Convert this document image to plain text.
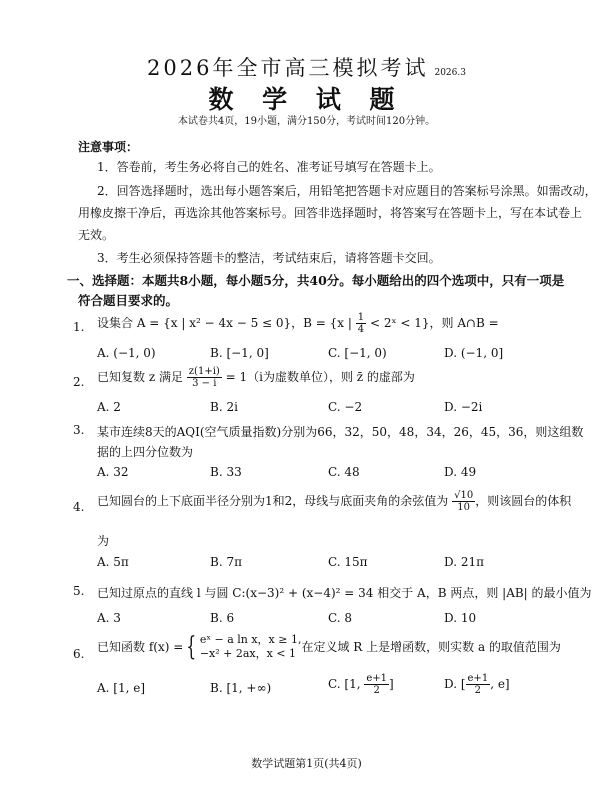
2026年全市高三模拟考试 2026.3
数 学 试 题
本试卷共4页，19小题，满分150分，考试时间120分钟。
注意事项：
1．答卷前，考生务必将自己的姓名、准考证号填写在答题卡上。
2．回答选择题时，选出每小题答案后，用铅笔把答题卡对应题目的答案标号涂黑。如需改动，
用橡皮擦干净后，再选涂其他答案标号。回答非选择题时，将答案写在答题卡上，写在本试卷上
无效。
3．考生必须保持答题卡的整洁，考试结束后，请将答题卡交回。
一、选择题：本题共8小题，每小题5分，共40分。每小题给出的四个选项中，只有一项是
符合题目要求的。
1. 设集合 A = {x | x² − 4x − 5 ≤ 0}，B = {x | $\frac{1}{4}$ < 2ˣ < 1}，则 A∩B =
A. (−1, 0)	B. [−1, 0]	C. [−1, 0)	D. (−1, 0]
2. 已知复数 z 满足 $\frac{z(1+i)}{3 - i} = 1(i$为虚数单位），则 z̄ 的虚部为
A. 2	B. 2i	C. −2	D. −2i
3. 某市连续8天的AQI(空气质量指数)分别为66，32，50，48，34，26，45，36，则这组数
据的上四分位数为
A. 32	B. 33	C. 48	D. 49
4. 已知圆台的上下底面半径分别为1和2，母线与底面夹角的余弦值为 $\frac{√10}{10}$ ，则该圆台的体积
为
A. 5π	B. 7π	C. 15π	D. 21π
5. 已知过原点的直线 l 与圆 C:(x−3)² + (x−4)² = 34 相交于 A，B 两点，则 |AB| 的最小值为
A. 3	B. 6	C. 8	D. 10
6.
已知函数 f(x) = { eˣ − a ln x，x ≥ 1,
−x² + 2ax，x < 1 在定义域 R 上是增函数，则实数 a 的取值范围为
A. [1, e]	B. [1, +∞)	C. [1, $\frac{e+1}{2}$ ]	D. [ $\frac{e+1}{2}$ , e]
数学试题第1页(共4页)
